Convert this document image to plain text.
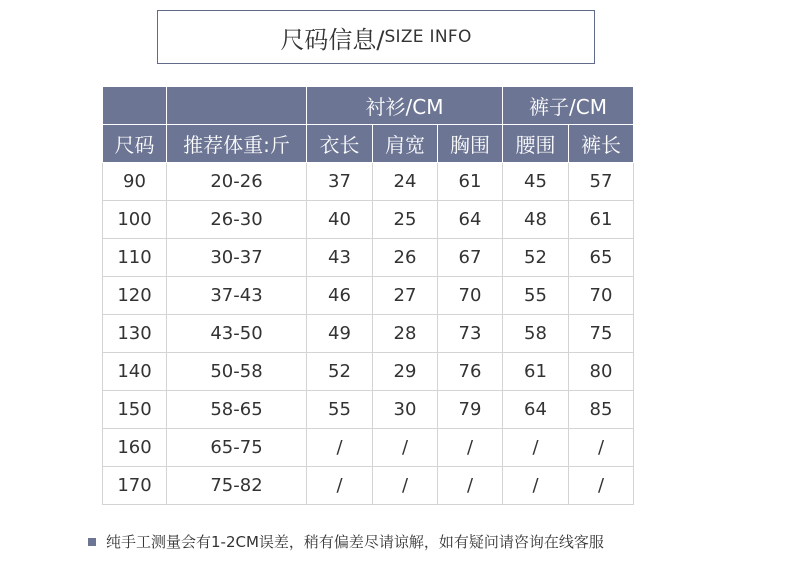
尺码信息/ SIZE INFO
		衬衫/CM			裤子/CM	
尺码	推荐体重:斤	衣长	肩宽	胸围	腰围	裤长
90	20-26	37	24	61	45	57
100	26-30	40	25	64	48	61
110	30-37	43	26	67	52	65
120	37-43	46	27	70	55	70
130	43-50	49	28	73	58	75
140	50-58	52	29	76	61	80
150	58-65	55	30	79	64	85
160	65-75	/	/	/	/	/
170	75-82	/	/	/	/	/
纯手工测量会有1-2CM误差，稍有偏差尽请谅解，如有疑问请咨询在线客服
